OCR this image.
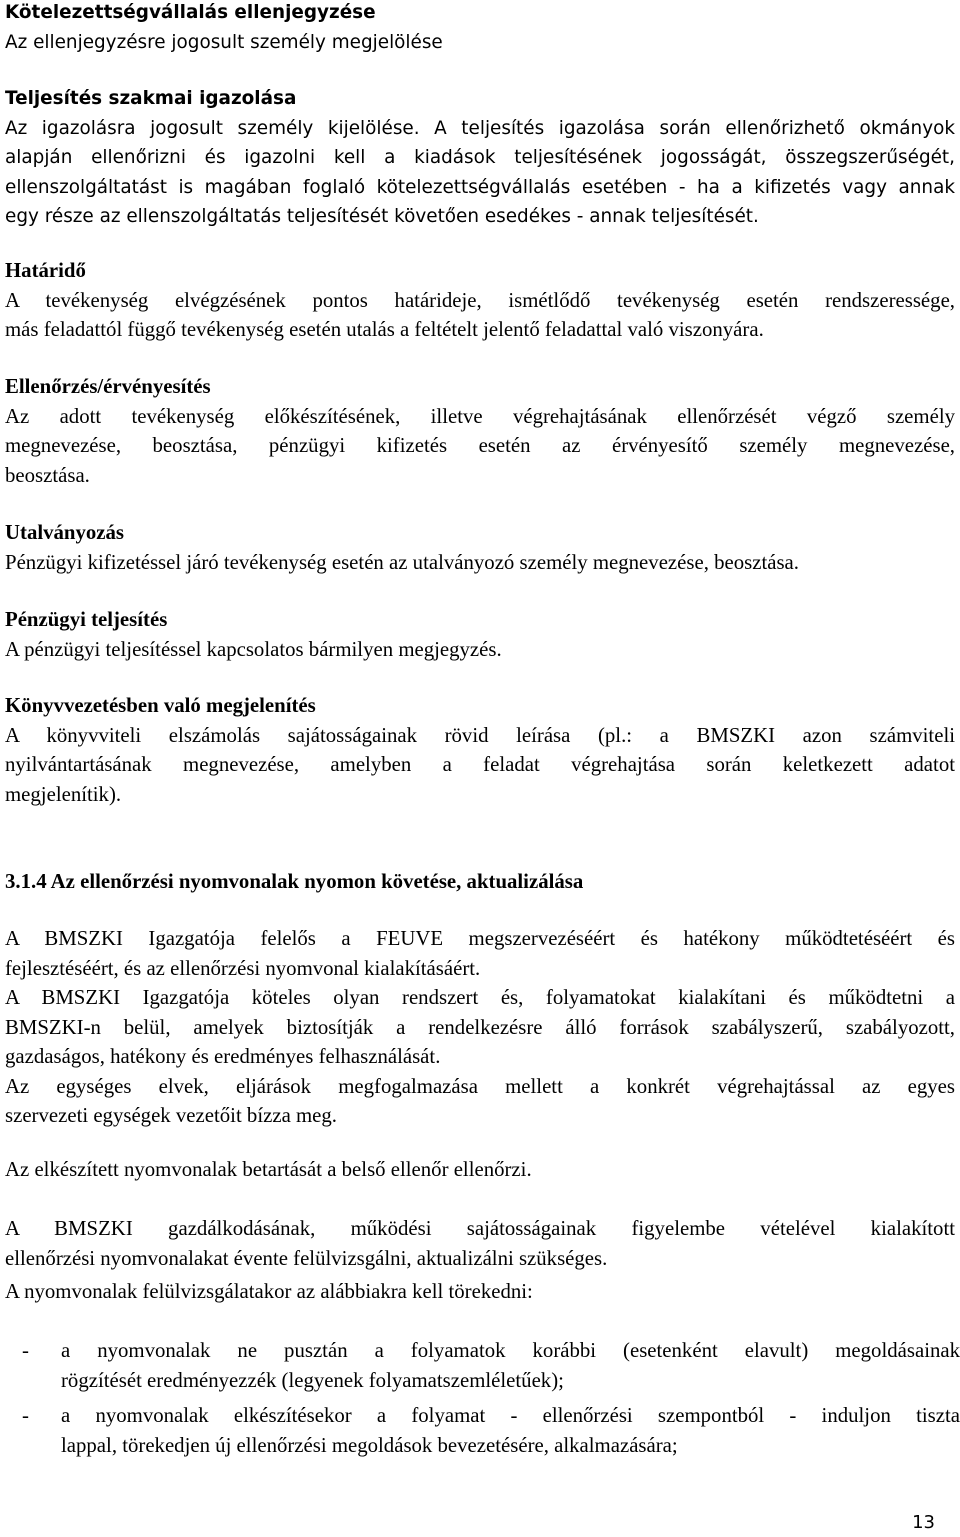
Kötelezettségvállalás ellenjegyzése
Az ellenjegyzésre jogosult személy megjelölése
Teljesítés szakmai igazolása
Az igazolásra jogosult személy kijelölése. A teljesítés igazolása során ellenőrizhető okmányok
alapján ellenőrizni és igazolni kell a kiadások teljesítésének jogosságát, összegszerűségét,
ellenszolgáltatást is magában foglaló kötelezettségvállalás esetében - ha a kifizetés vagy annak
egy része az ellenszolgáltatás teljesítését követően esedékes - annak teljesítését.
Határidő
A tevékenység elvégzésének pontos határideje, ismétlődő tevékenység esetén rendszeressége,
más feladattól függő tevékenység esetén utalás a feltételt jelentő feladattal való viszonyára.
Ellenőrzés/érvényesítés
Az adott tevékenység előkészítésének, illetve végrehajtásának ellenőrzését végző személy
megnevezése, beosztása, pénzügyi kifizetés esetén az érvényesítő személy megnevezése,
beosztása.
Utalványozás
Pénzügyi kifizetéssel járó tevékenység esetén az utalványozó személy megnevezése, beosztása.
Pénzügyi teljesítés
A pénzügyi teljesítéssel kapcsolatos bármilyen megjegyzés.
Könyvvezetésben való megjelenítés
A könyvviteli elszámolás sajátosságainak rövid leírása (pl.: a BMSZKI azon számviteli
nyilvántartásának megnevezése, amelyben a feladat végrehajtása során keletkezett adatot
megjelenítik).
3.1.4 Az ellenőrzési nyomvonalak nyomon követése, aktualizálása
A BMSZKI Igazgatója felelős a FEUVE megszervezéséért és hatékony működtetéséért és
fejlesztéséért, és az ellenőrzési nyomvonal kialakításáért.
A BMSZKI Igazgatója köteles olyan rendszert és, folyamatokat kialakítani és működtetni a
BMSZKI-n belül, amelyek biztosítják a rendelkezésre álló források szabályszerű, szabályozott,
gazdaságos, hatékony és eredményes felhasználását.
Az egységes elvek, eljárások megfogalmazása mellett a konkrét végrehajtással az egyes
szervezeti egységek vezetőit bízza meg.
Az elkészített nyomvonalak betartását a belső ellenőr ellenőrzi.
A BMSZKI gazdálkodásának, működési sajátosságainak figyelembe vételével kialakított
ellenőrzési nyomvonalakat évente felülvizsgálni, aktualizálni szükséges.
A nyomvonalak felülvizsgálatakor az alábbiakra kell törekedni:
- a nyomvonalak ne pusztán a folyamatok korábbi (esetenként elavult) megoldásainak
rögzítését eredményezzék (legyenek folyamatszemléletűek);
- a nyomvonalak elkészítésekor a folyamat - ellenőrzési szempontból - induljon tiszta
lappal, törekedjen új ellenőrzési megoldások bevezetésére, alkalmazására;
13
